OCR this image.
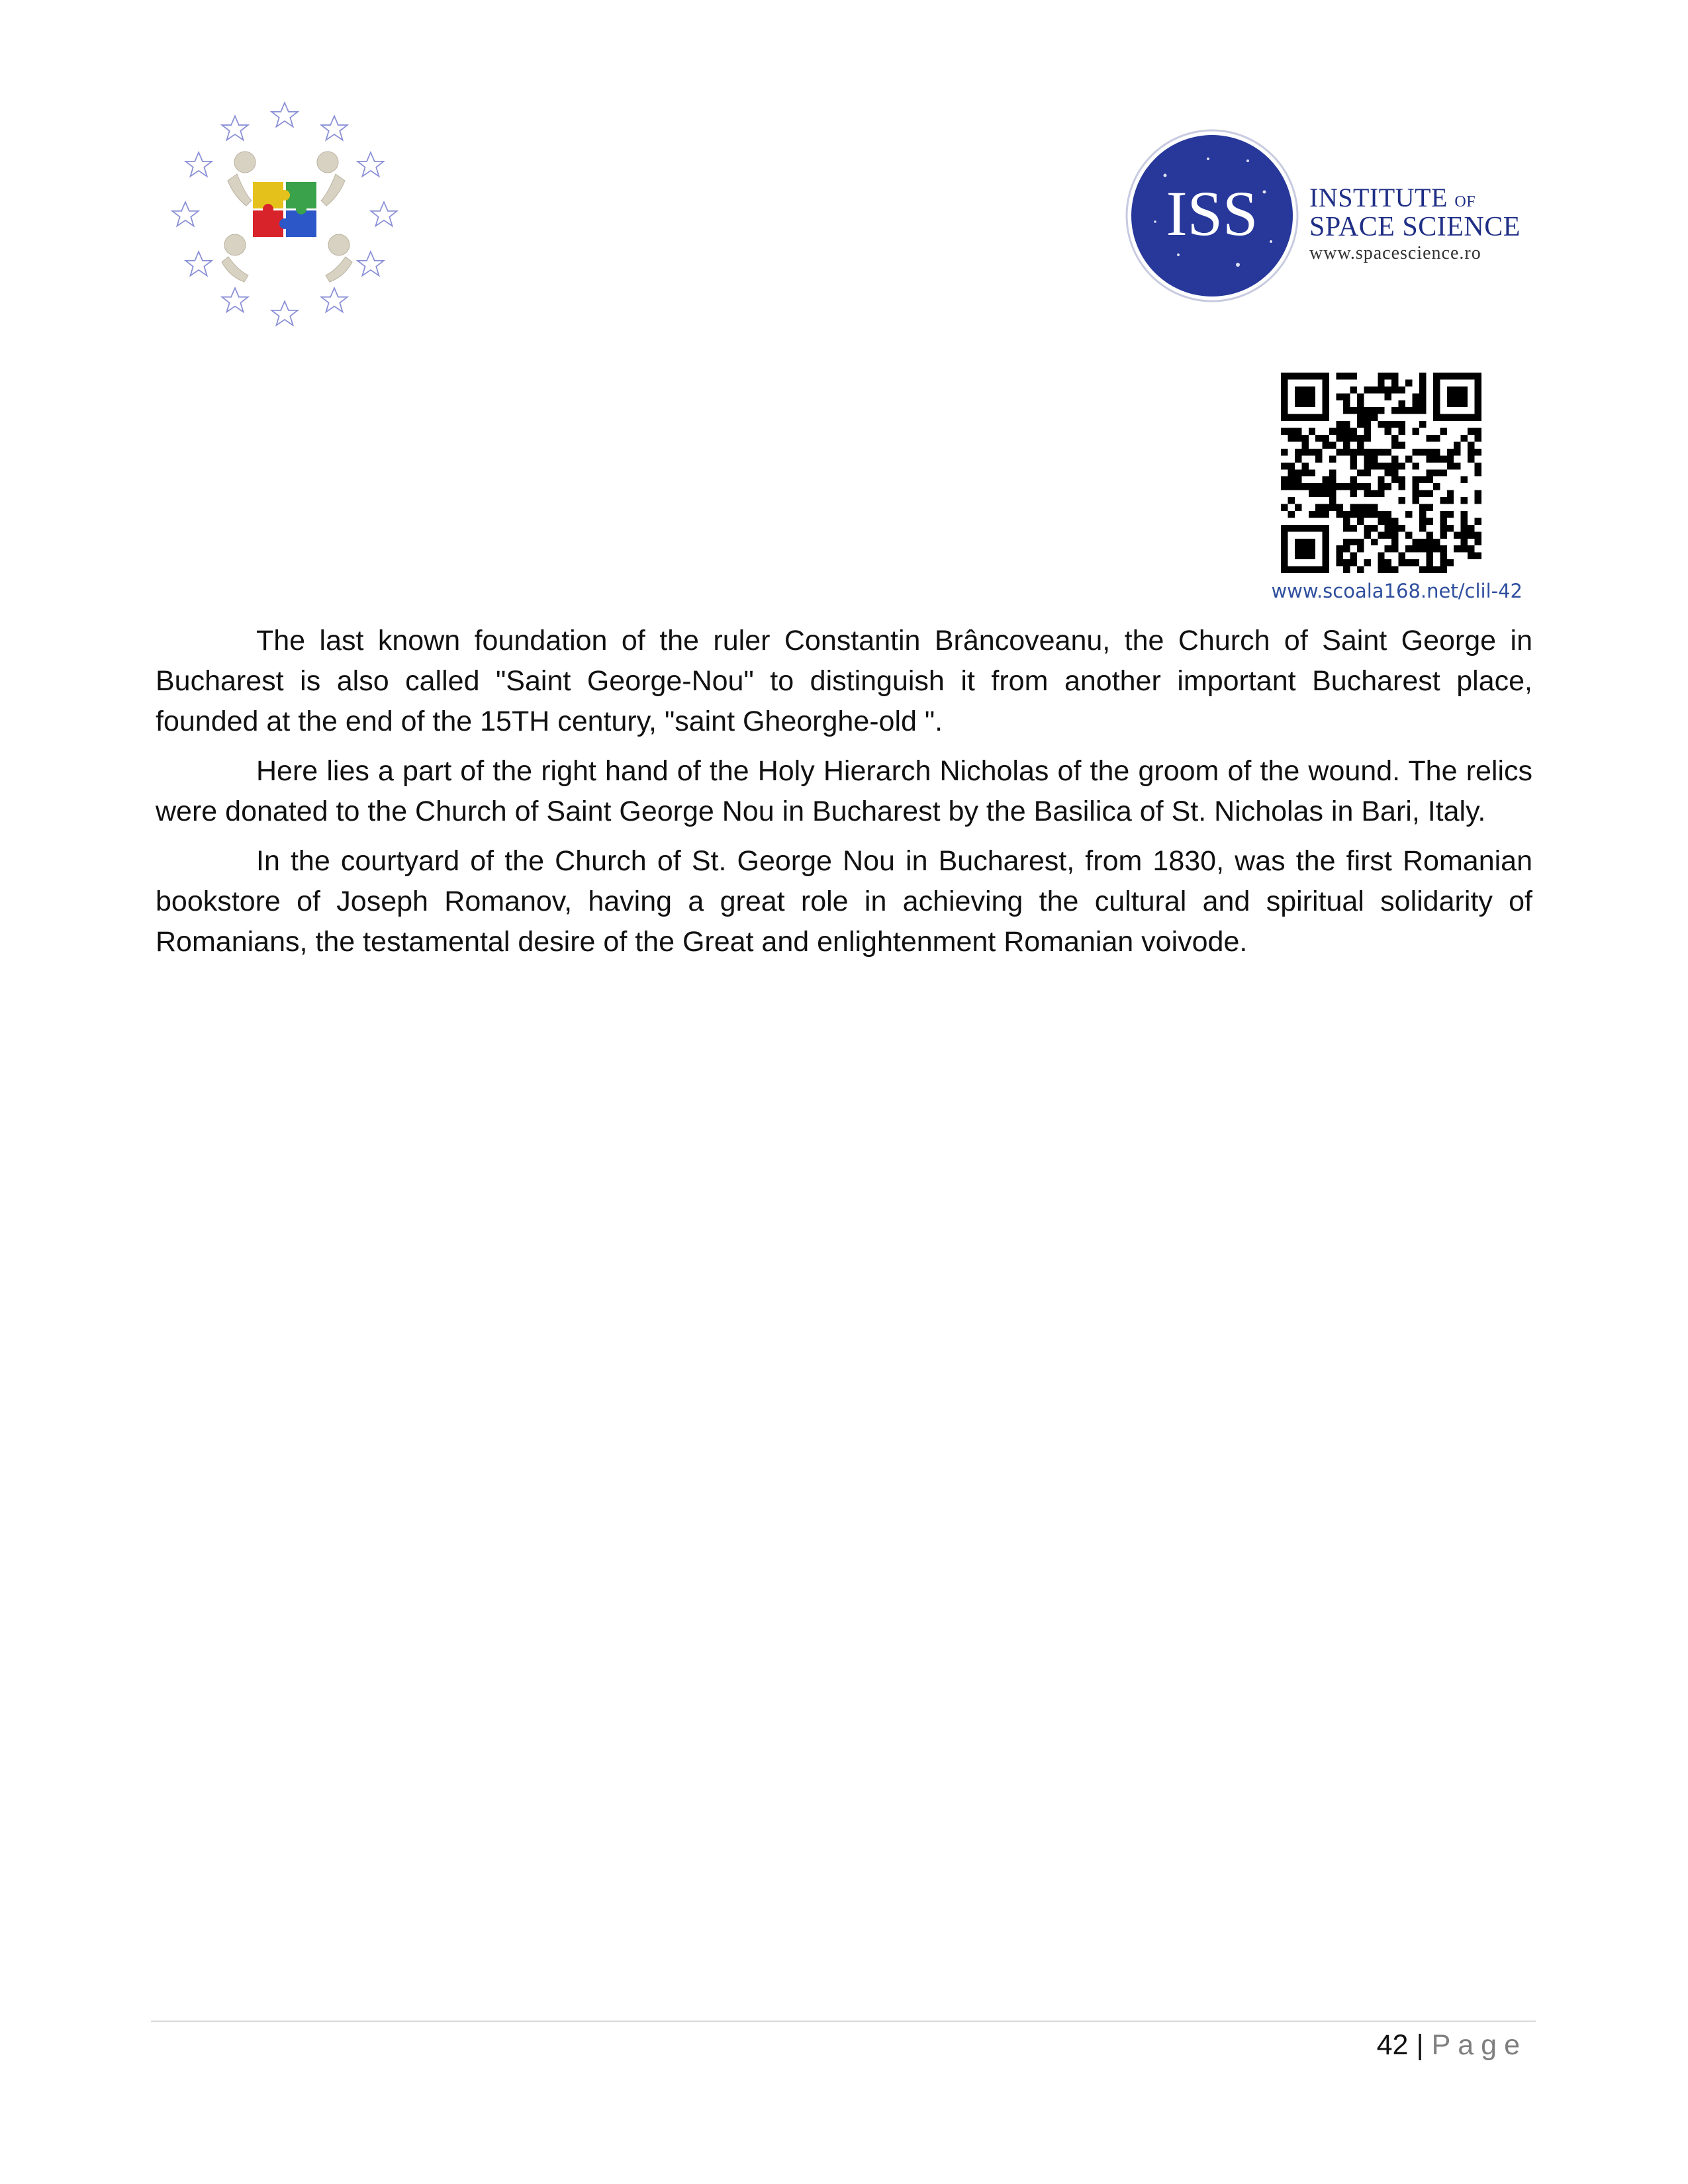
ISS INSTITUTE OF
SPACE SCIENCE
www.spacescience.ro
www.scoala168.net/clil-42

The last known foundation of the ruler Constantin Brâncoveanu, the Church of Saint George in Bucharest is also called "Saint George-Nou" to distinguish it from another important Bucharest place, founded at the end of the 15TH century, "saint Gheorghe-old ".

Here lies a part of the right hand of the Holy Hierarch Nicholas of the groom of the wound. The relics were donated to the Church of Saint George Nou in Bucharest by the Basilica of St. Nicholas in Bari, Italy.

In the courtyard of the Church of St. George Nou in Bucharest, from 1830, was the first Romanian bookstore of Joseph Romanov, having a great role in achieving the cultural and spiritual solidarity of Romanians, the testamental desire of the Great and enlightenment Romanian voivode.

42 | Page
